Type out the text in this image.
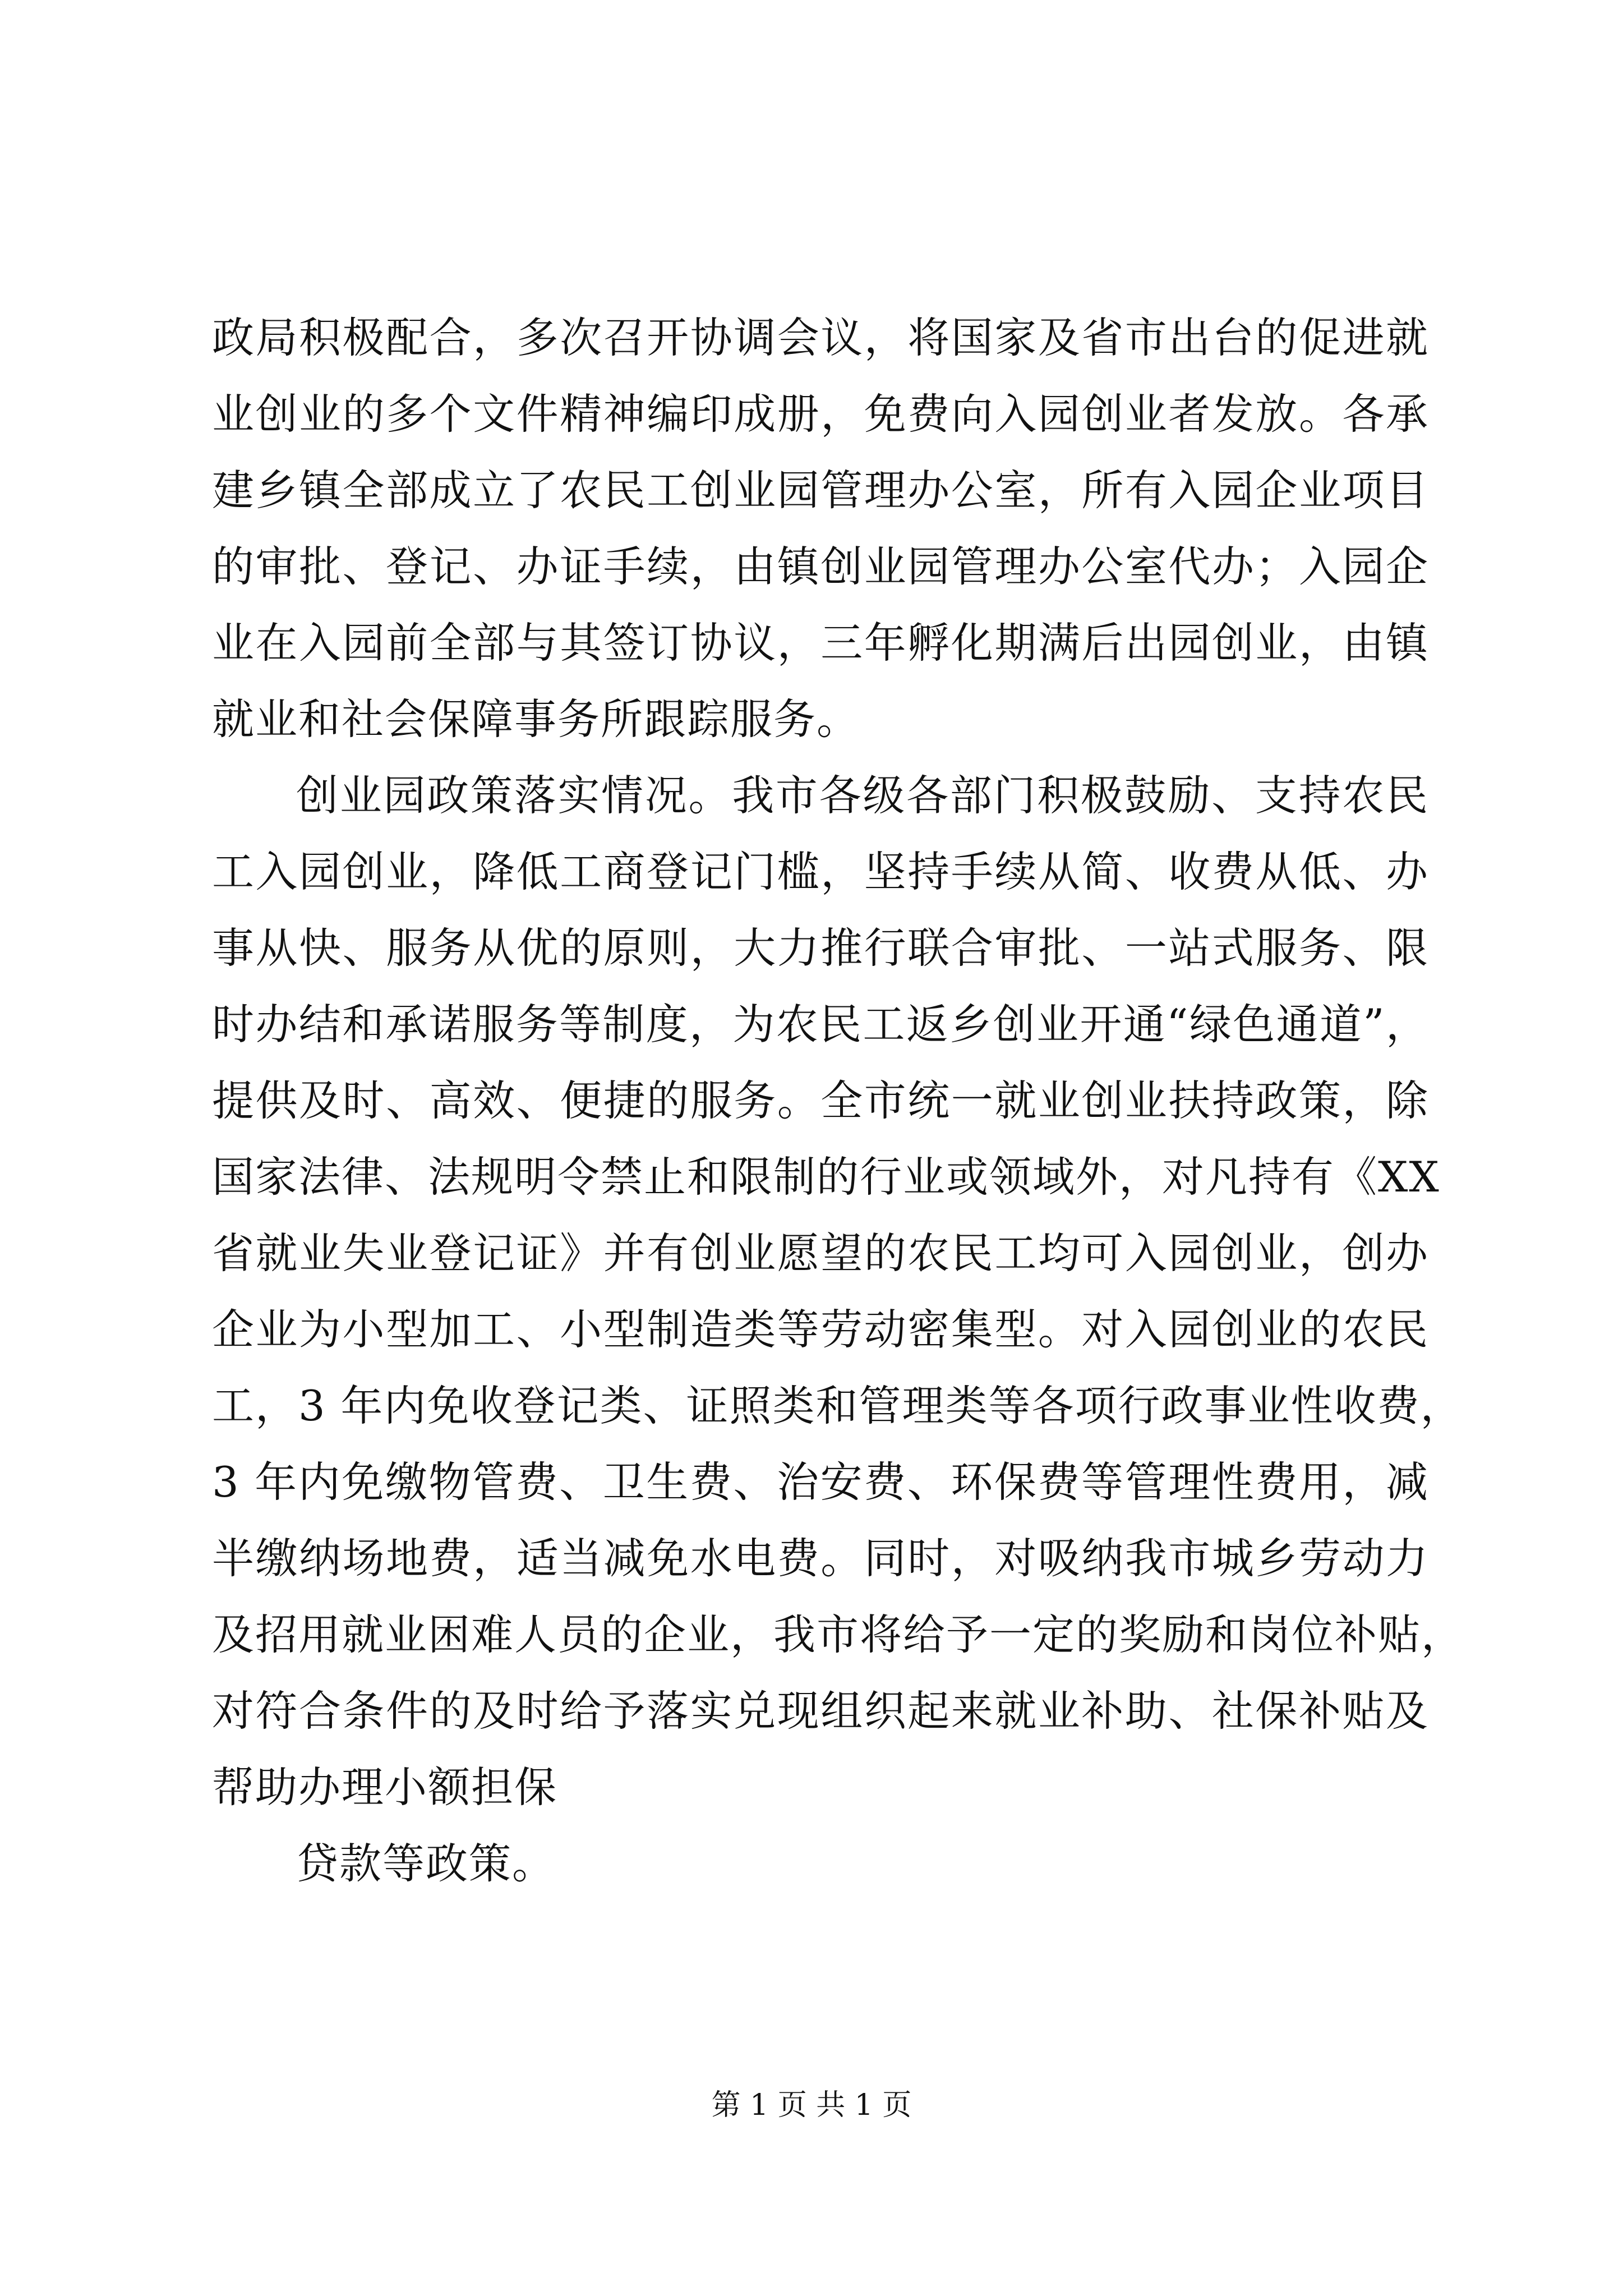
政局积极配合，多次召开协调会议，将国家及省市出台的促进就
业创业的多个文件精神编印成册，免费向入园创业者发放。各承
建乡镇全部成立了农民工创业园管理办公室，所有入园企业项目
的审批、登记、办证手续，由镇创业园管理办公室代办；入园企
业在入园前全部与其签订协议，三年孵化期满后出园创业，由镇
就业和社会保障事务所跟踪服务。
创业园政策落实情况。我市各级各部门积极鼓励、支持农民
工入园创业，降低工商登记门槛，坚持手续从简、收费从低、办
事从快、服务从优的原则，大力推行联合审批、一站式服务、限
时办结和承诺服务等制度，为农民工返乡创业开通“绿色通道”，
提供及时、高效、便捷的服务。全市统一就业创业扶持政策，除
国家法律、法规明令禁止和限制的行业或领域外，对凡持有《XX
省就业失业登记证》并有创业愿望的农民工均可入园创业，创办
企业为小型加工、小型制造类等劳动密集型。对入园创业的农民
工，3 年内免收登记类、证照类和管理类等各项行政事业性收费，
3 年内免缴物管费、卫生费、治安费、环保费等管理性费用，减
半缴纳场地费，适当减免水电费。同时，对吸纳我市城乡劳动力
及招用就业困难人员的企业，我市将给予一定的奖励和岗位补贴，
对符合条件的及时给予落实兑现组织起来就业补助、社保补贴及
帮助办理小额担保
贷款等政策。
第 1 页 共 1 页
